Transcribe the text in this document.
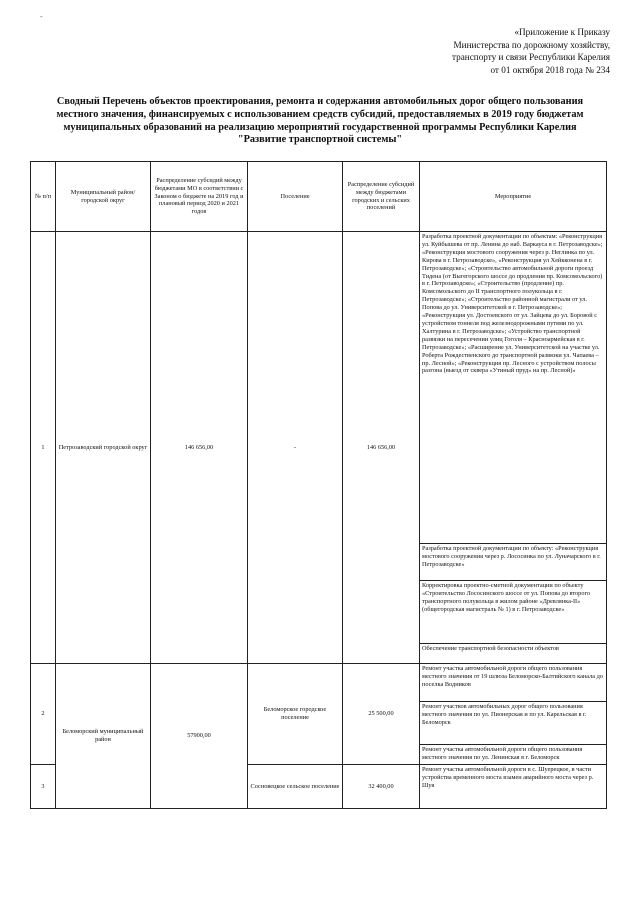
-
«Приложение к Приказу
Министерства по дорожному хозяйству,
транспорту и связи Республики Карелия
от 01 октября 2018 года № 234
Сводный Перечень объектов проектирования, ремонта и содержания автомобильных дорог общего пользования
местного значения, финансируемых с использованием средств субсидий, предоставляемых в 2019 году бюджетам
муниципальных образований на реализацию мероприятий государственной программы Республики Карелия
"Развитие транспортной системы"
№ п/п	Муниципальный район/городской округ	Распределение субсидий между бюджетами МО в соответствии с Законом о бюджете на 2019 год и плановый период 2020 и 2021 годов	Поселение	Распределение субсидий между бюджетами городских и сельских поселений	Мероприятие
1	Петрозаводский городской округ	146 656,00	-	146 656,00	Разработка проектной документации по объектам: «Реконструкция ул. Куйбышева от пр. Ленина до наб. Варкауса в г. Петрозаводске»; «Реконструкция мостового сооружения через р. Неглинка по ул. Кирова в г. Петрозаводске», «Реконструкция ул Хейкконена в г. Петрозаводске»; «Строительство автомобильной дороги проезд Тидена (от Выгегорского шоссе до продления пр. Комсомольского) в г. Петрозаводске»; «Строительство (продление) пр. Комсомольского до II транспортного полукольца в г. Петрозаводске»; «Строительство районной магистрали от ул. Попова до ул. Университетской в г. Петрозаводске»; «Реконструкция ул. Достоевского от ул. Зайцева до ул. Боровой с устройством тоннеля под железнодорожными путями по ул. Халтурина в г. Петрозаводске»; «Устройство транспортной развязки на пересечении улиц Гоголя – Красноармейская в г. Петрозаводске»; «Расширение ул. Университетской на участке ул. Роберта Рождественского до транспортной развязки ул. Чапаева – пр. Лесной»; «Реконструкция пр. Лесного с устройством полосы разгона (выезд от сквера «Утиный пруд» на пр. Лесной)»
					Разработка проектной документации по объекту: «Реконструкция мостового сооружения через р. Лососинка по ул. Луначарского в г. Петрозаводске»
					Корректировка проектно-сметной документации по объекту «Строительство Лососинского шоссе от ул. Попова до второго транспортного полукольца в жилом районе «Древлянка-II» (общегородская магистраль № 1) в г. Петрозаводске»
					Обеспечение транспортной безопасности объектов
2	Беломорский муниципальный район	57900,00	Беломорское городское поселение	25 500,00	Ремонт участка автомобильной дороги общего пользования местного значения от 19 шлюза Беломорско-Балтийского канала до поселка Водников
					Ремонт участков автомобильных дорог общего пользования местного значения по ул. Пионерская и по ул. Карельская в г. Беломорск
					Ремонт участка автомобильной дороги общего пользования местного значения по ул. Ленинская в г. Беломорск
3			Сосновецкое сельское поселение	32 400,00	Ремонт участка автомобильной дороги в с. Шуерецкое, в части устройства временного моста взамен аварийного моста через р. Шуя
